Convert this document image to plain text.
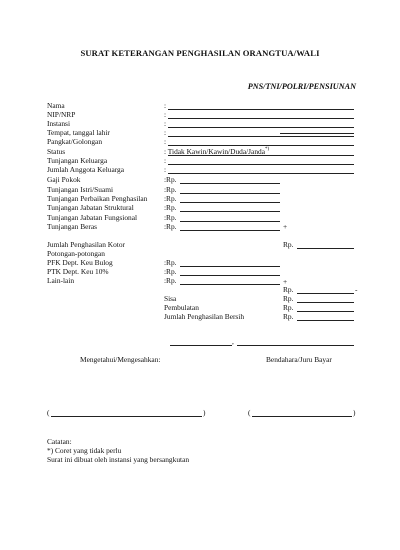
SURAT KETERANGAN PENGHASILAN ORANGTUA/WALI
PNS/TNI/POLRI/PENSIUNAN
Nama	:
NIP/NRP	:
Instansi	:
Tempat, tanggal lahir	:
Pangkat/Golongan	:
Status	: Tidak Kawin/Kawin/Duda/Janda*)
Tunjangan Keluarga	:
Jumlah Anggota Keluarga	:
Gaji Pokok	:Rp.
Tunjangan Istri/Suami	:Rp.
Tunjangan Perbaikan Penghasilan :Rp.
Tunjangan Jabatan Struktural	:Rp.
Tunjangan Jabatan Fungsional	:Rp.
Tunjangan Beras	:Rp.	+
Jumlah Penghasilan Kotor	Rp.
Potongan-potongan
PFK Dept. Keu Bulog	:Rp.
PTK Dept. Keu 10%	:Rp.
Lain-lain	:Rp.	+
Rp.	-
Sisa	Rp.
Pembulatan	Rp.
Jumlah Penghasilan Bersih	Rp.
,
Mengetahui/Mengesahkan:	Bendahara/Juru Bayar
(	)	(	)
Catatan:
*) Coret yang tidak perlu
Surat ini dibuat oleh instansi yang bersangkutan
